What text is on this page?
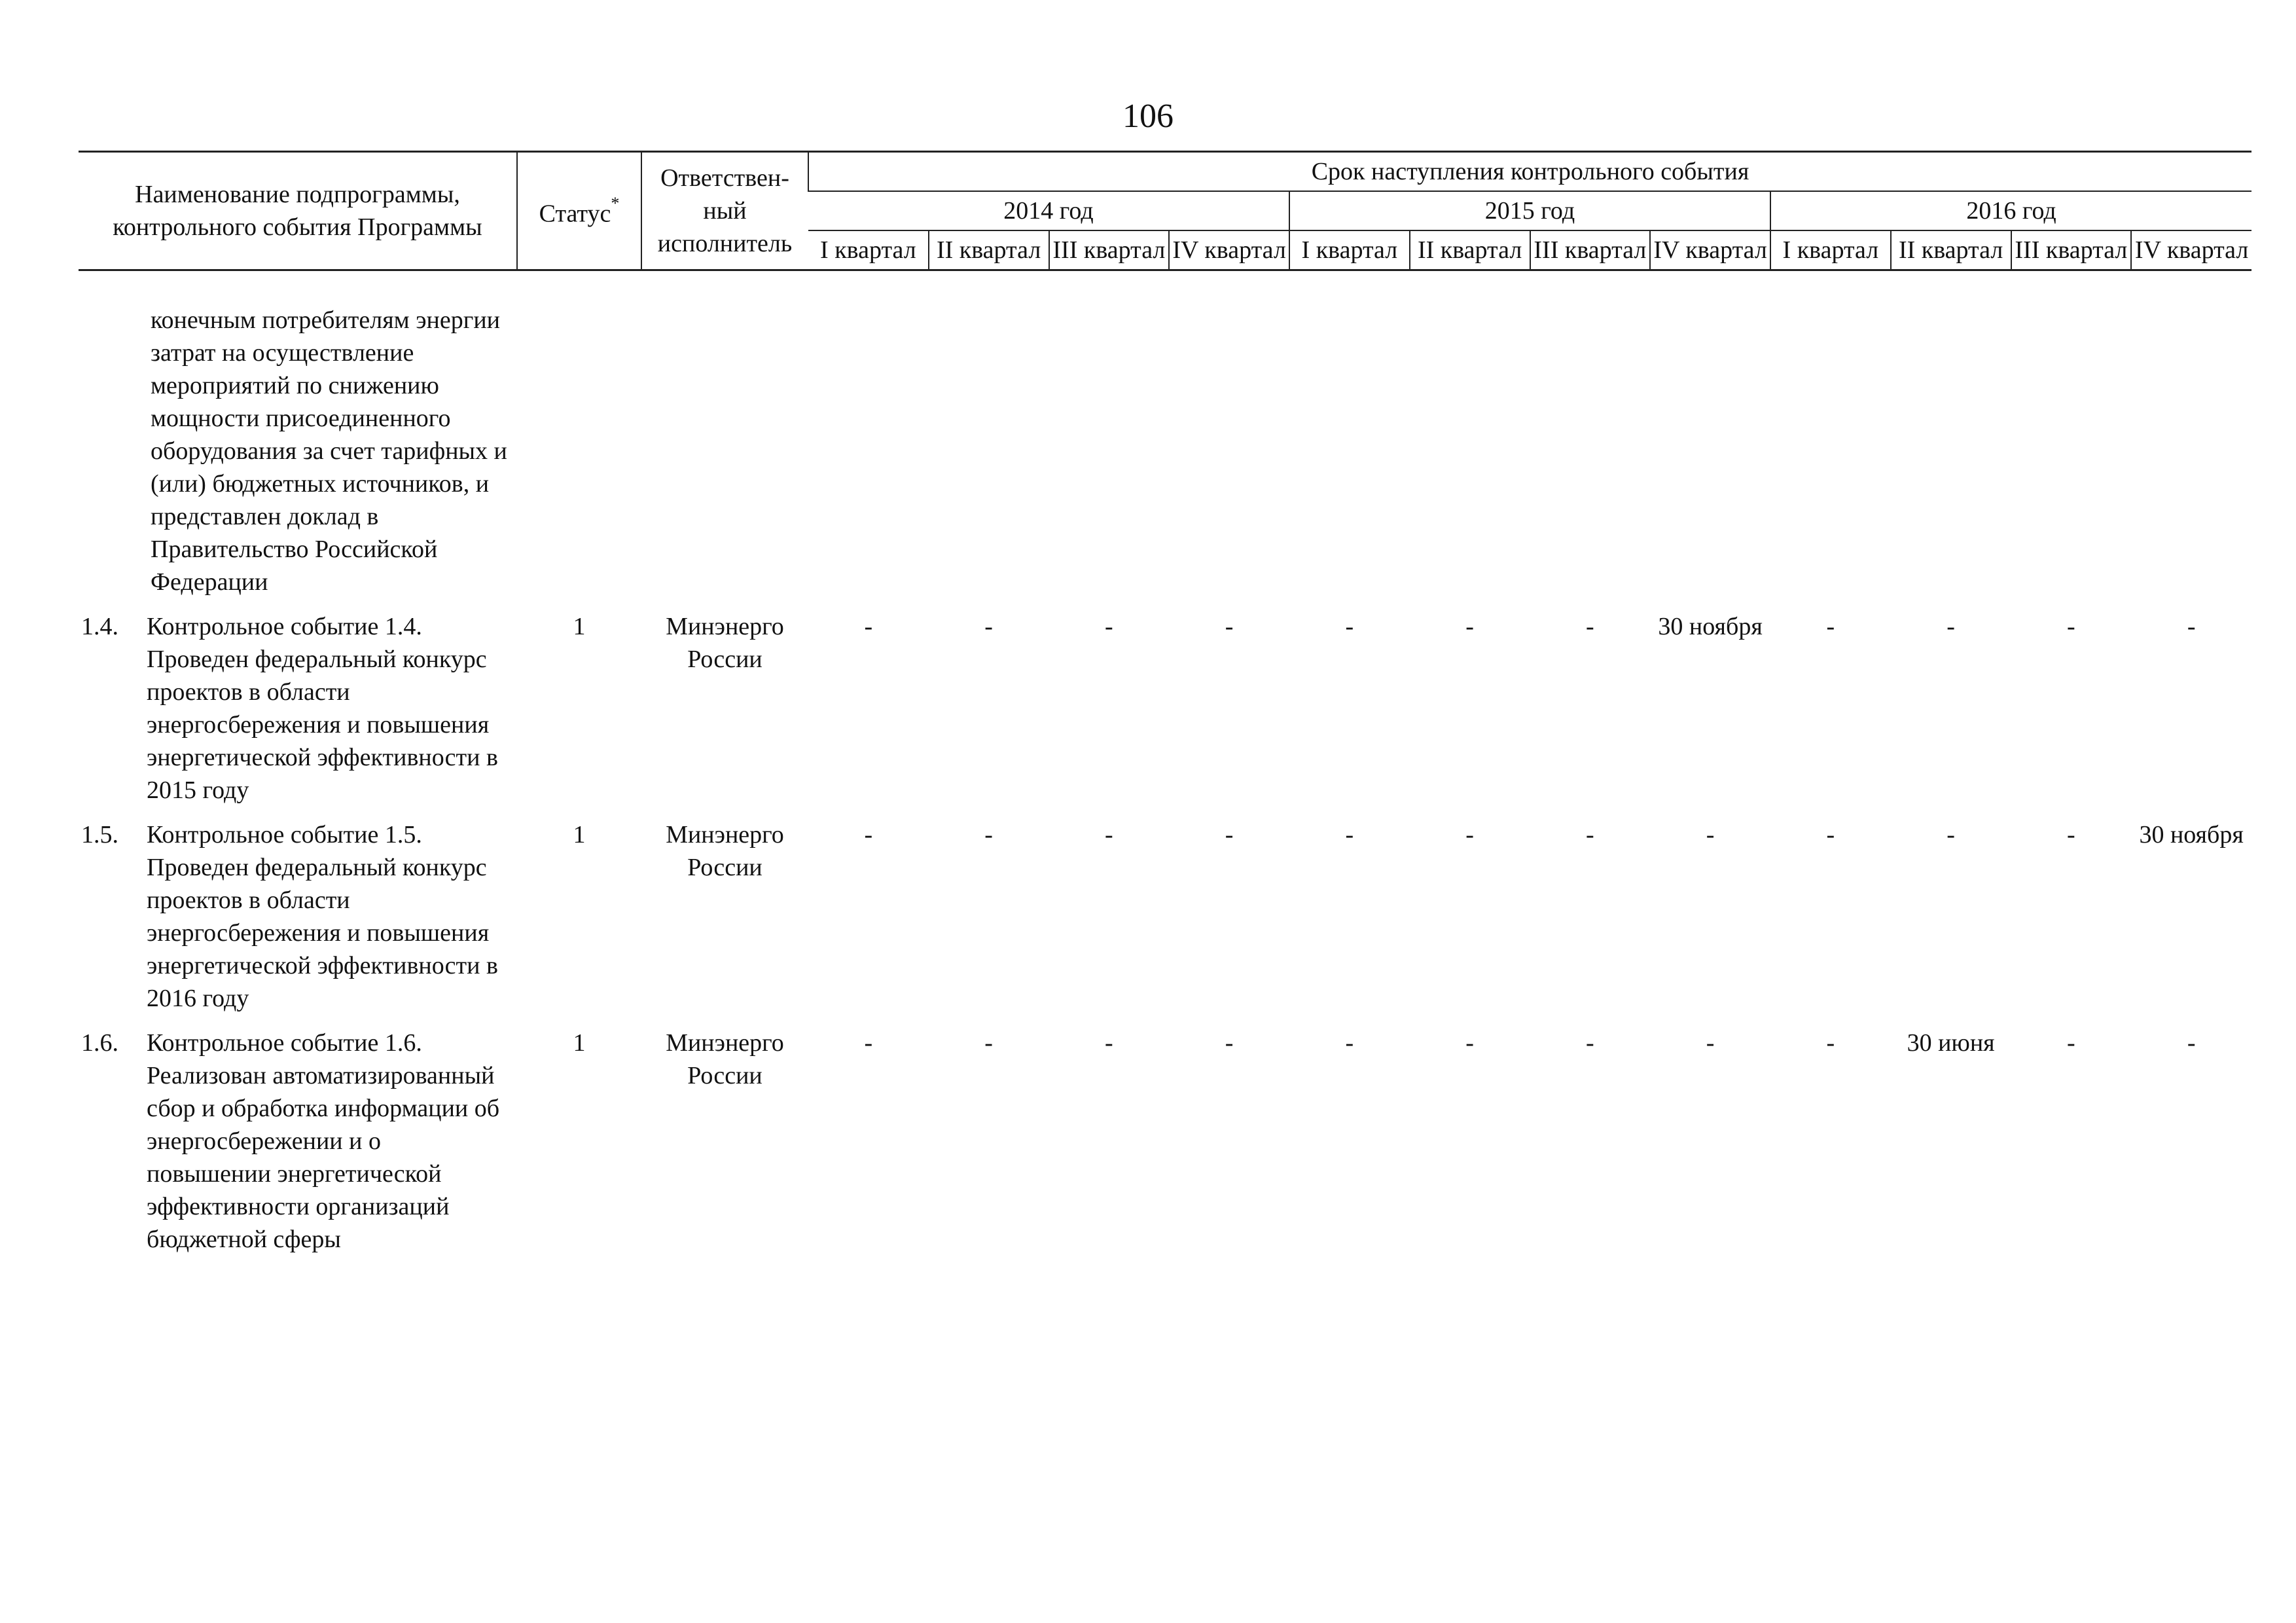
106
Наименование подпрограммы, контрольного события Программы	Статус*	Ответствен-ный исполнитель	Срок наступления контрольного события											
			2014 год				2015 год				2016 год			
			I квартал	II квартал	III квартал	IV квартал	I квартал	II квартал	III квартал	IV квартал	I квартал	II квартал	III квартал	IV квартал

конечным потребителям энергии затрат на осуществление мероприятий по снижению мощности присоединенного оборудования за счет тарифных и (или) бюджетных источников, и представлен доклад в Правительство Российской Федерации														
1.4. Контрольное событие 1.4. Проведен федеральный конкурс проектов в области энергосбережения и повышения энергетической эффективности в 2015 году	1	Минэнерго России	-	-	-	-	-	-	-	30 ноября	-	-	-	-
1.5. Контрольное событие 1.5. Проведен федеральный конкурс проектов в области энергосбережения и повышения энергетической эффективности в 2016 году	1	Минэнерго России	-	-	-	-	-	-	-	-	-	-	-	30 ноября
1.6. Контрольное событие 1.6. Реализован автоматизированный сбор и обработка информации об энергосбережении и о повышении энергетической эффективности организаций бюджетной сферы	1	Минэнерго России	-	-	-	-	-	-	-	-	-	30 июня	-	-
